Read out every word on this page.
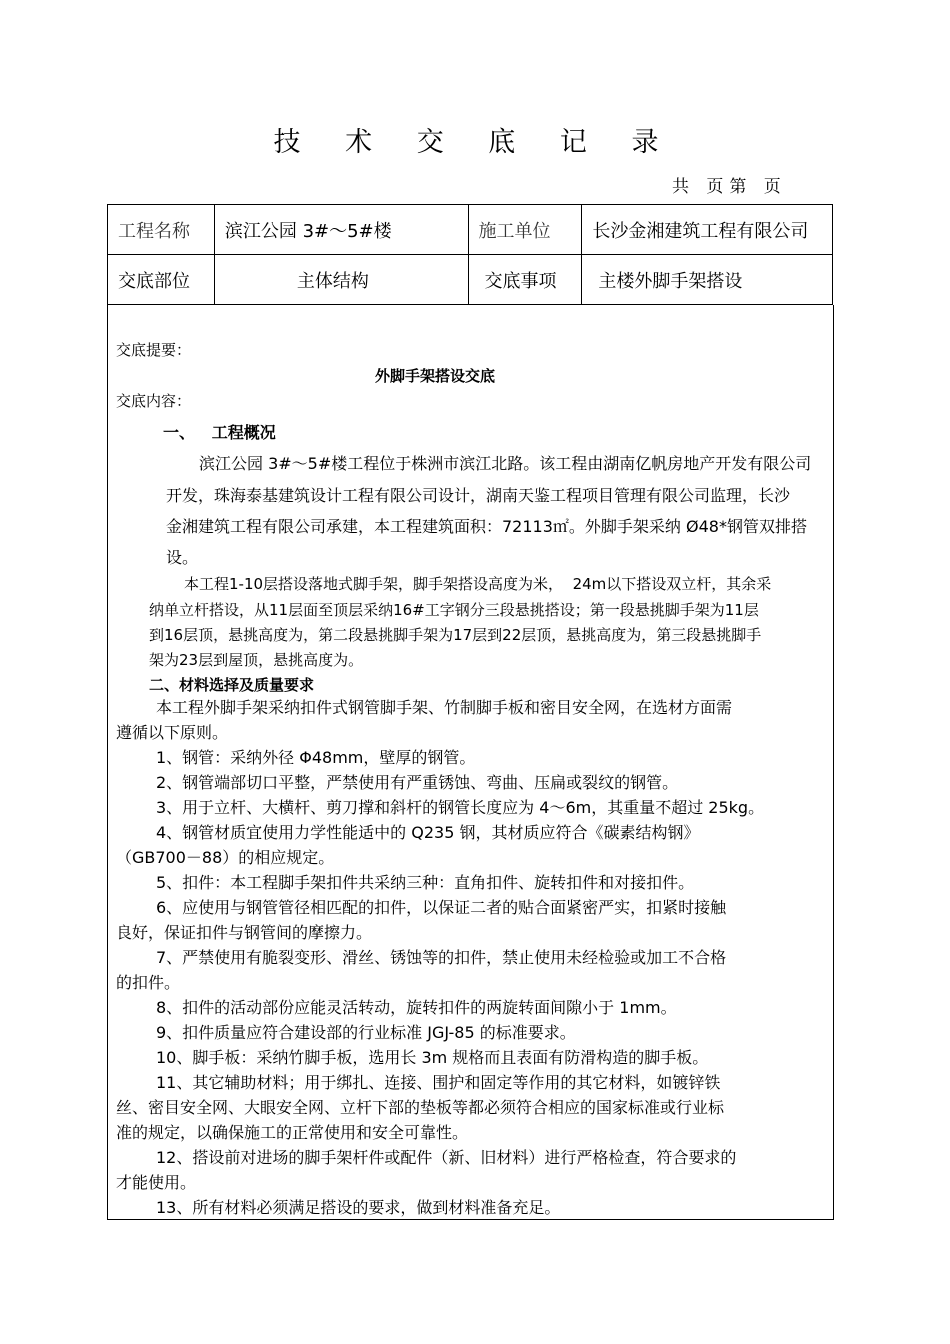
技 术 交 底 记 录
共 页第 页
工程名称	滨江公园 3#～5#楼	施工单位	长沙金湘建筑工程有限公司
交底部位	主体结构	交底事项	主楼外脚手架搭设
交底提要：
外脚手架搭设交底
交底内容：
一、   工程概况
滨江公园 3#～5#楼工程位于株洲市滨江北路。该工程由湖南亿帆房地产开发有限公司
开发，珠海泰基建筑设计工程有限公司设计，湖南天鉴工程项目管理有限公司监理，长沙
金湘建筑工程有限公司承建，本工程建筑面积：72113㎡。外脚手架采纳 Ø48*钢管双排搭
设。
本工程1-10层搭设落地式脚手架，脚手架搭设高度为米，  24m以下搭设双立杆，其余采
纳单立杆搭设，从11层面至顶层采纳16#工字钢分三段悬挑搭设；第一段悬挑脚手架为11层
到16层顶，悬挑高度为，第二段悬挑脚手架为17层到22层顶，悬挑高度为，第三段悬挑脚手
架为23层到屋顶，悬挑高度为。
二、材料选择及质量要求
本工程外脚手架采纳扣件式钢管脚手架、竹制脚手板和密目安全网，在选材方面需
遵循以下原则。
1、钢管：采纳外径 Φ48mm，壁厚的钢管。
2、钢管端部切口平整，严禁使用有严重锈蚀、弯曲、压扁或裂纹的钢管。
3、用于立杆、大横杆、剪刀撑和斜杆的钢管长度应为 4～6m，其重量不超过 25kg。
4、钢管材质宜使用力学性能适中的 Q235 钢，其材质应符合《碳素结构钢》
（GB700－88）的相应规定。
5、扣件：本工程脚手架扣件共采纳三种：直角扣件、旋转扣件和对接扣件。
6、应使用与钢管管径相匹配的扣件，以保证二者的贴合面紧密严实，扣紧时接触
良好，保证扣件与钢管间的摩擦力。
7、严禁使用有脆裂变形、滑丝、锈蚀等的扣件，禁止使用未经检验或加工不合格
的扣件。
8、扣件的活动部份应能灵活转动，旋转扣件的两旋转面间隙小于 1mm。
9、扣件质量应符合建设部的行业标准 JGJ-85 的标准要求。
10、脚手板：采纳竹脚手板，选用长 3m 规格而且表面有防滑构造的脚手板。
11、其它辅助材料；用于绑扎、连接、围护和固定等作用的其它材料，如镀锌铁
丝、密目安全网、大眼安全网、立杆下部的垫板等都必须符合相应的国家标准或行业标
准的规定，以确保施工的正常使用和安全可靠性。
12、搭设前对进场的脚手架杆件或配件（新、旧材料）进行严格检查，符合要求的
才能使用。
13、所有材料必须满足搭设的要求，做到材料准备充足。
